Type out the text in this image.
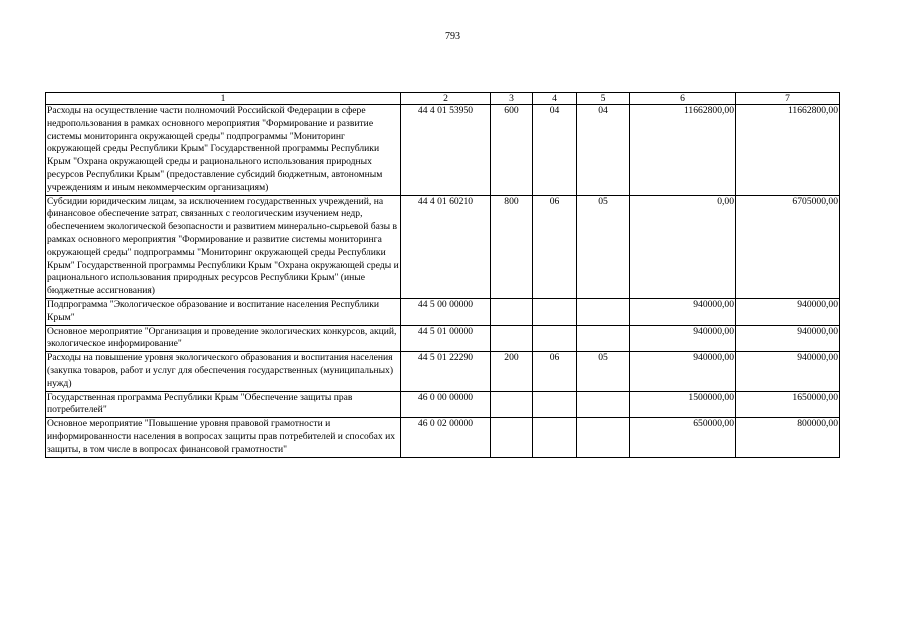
793
1	2	3	4	5	6	7
Расходы на осуществление части полномочий Российской Федерации в сфере недропользования в рамках основного мероприятия "Формирование и развитие системы мониторинга окружающей среды" подпрограммы "Мониторинг окружающей среды Республики Крым" Государственной программы Республики Крым "Охрана окружающей среды и рационального использования природных ресурсов Республики Крым" (предоставление субсидий бюджетным, автономным учреждениям и иным некоммерческим организациям)	44 4 01 53950	600	04	04	11662800,00	11662800,00
Субсидии юридическим лицам, за исключением государственных учреждений, на финансовое обеспечение затрат, связанных с геологическим изучением недр, обеспечением экологической безопасности и развитием минерально-сырьевой базы в рамках основного мероприятия "Формирование и развитие системы мониторинга окружающей среды" подпрограммы "Мониторинг окружающей среды Республики Крым" Государственной программы Республики Крым "Охрана окружающей среды и рационального использования природных ресурсов Республики Крым" (иные бюджетные ассигнования)	44 4 01 60210	800	06	05	0,00	6705000,00
Подпрограмма "Экологическое образование и воспитание населения Республики Крым"	44 5 00 00000				940000,00	940000,00
Основное мероприятие "Организация и проведение экологических конкурсов, акций, экологическое информирование"	44 5 01 00000				940000,00	940000,00
Расходы на повышение уровня экологического образования и воспитания населения (закупка товаров, работ и услуг для обеспечения государственных (муниципальных) нужд)	44 5 01 22290	200	06	05	940000,00	940000,00
Государственная программа Республики Крым "Обеспечение защиты прав потребителей"	46 0 00 00000				1500000,00	1650000,00
Основное мероприятие "Повышение уровня правовой грамотности и информированности населения в вопросах защиты прав потребителей и способах их защиты, в том числе в вопросах финансовой грамотности"	46 0 02 00000				650000,00	800000,00
